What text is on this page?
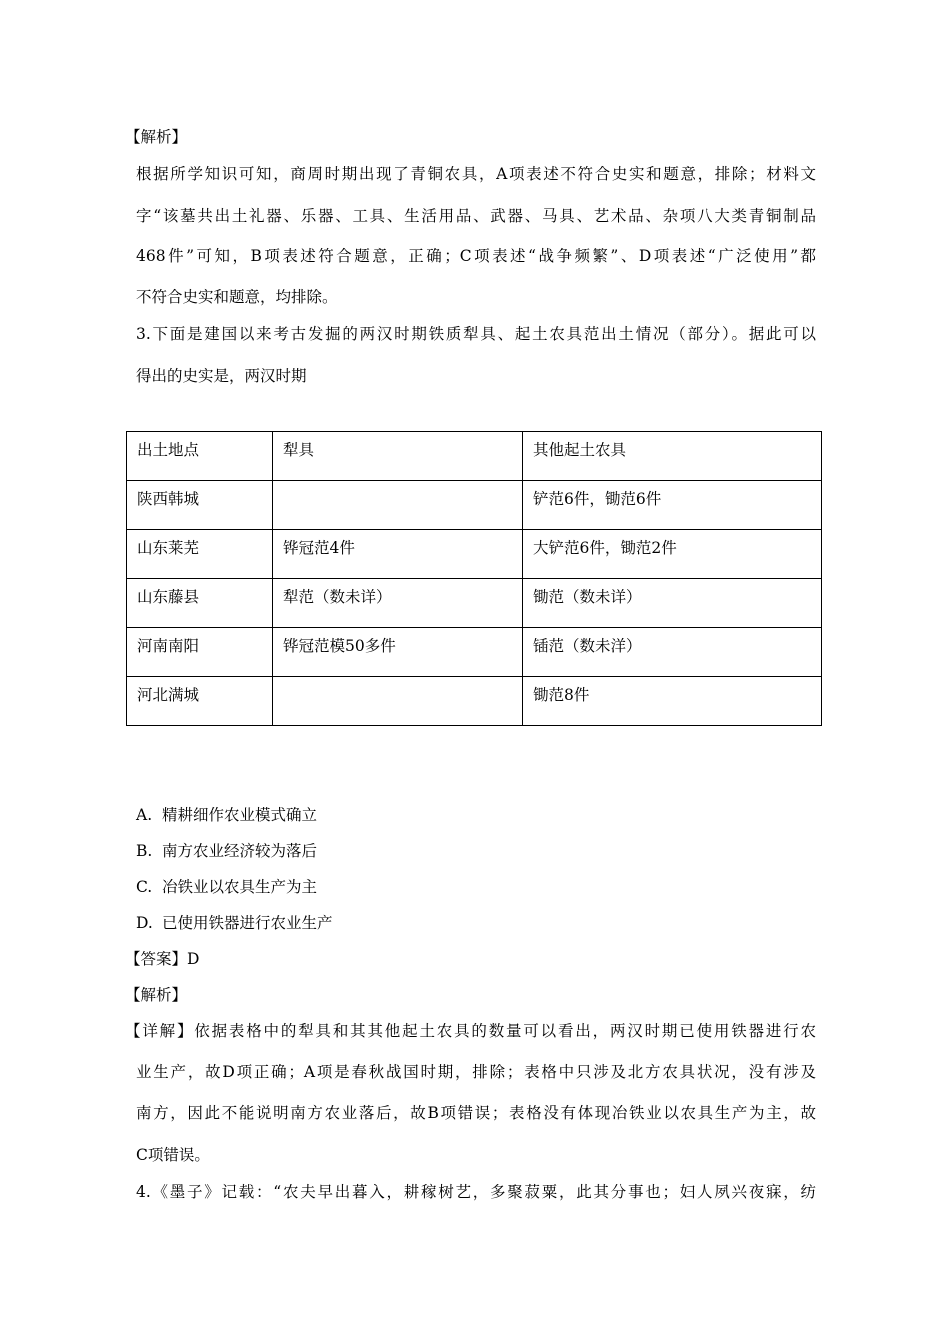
【解析】
根据所学知识可知，商周时期出现了青铜农具，A项表述不符合史实和题意，排除；材料文
字“该墓共出土礼器、乐器、工具、生活用品、武器、马具、艺术品、杂项八大类青铜制品
468件”可知，B项表述符合题意，正确；C项表述“战争频繁”、D项表述“广泛使用”都
不符合史实和题意，均排除。
3.下面是建国以来考古发掘的两汉时期铁质犁具、起土农具范出土情况（部分）。据此可以
得出的史实是，两汉时期
出土地点	犁具	其他起土农具
陕西韩城		铲范6件，锄范6件
山东莱芜	铧冠范4件	大铲范6件，锄范2件
山东藤县	犁范（数未详）	锄范（数未详）
河南南阳	铧冠范模50多件	锸范（数未洋）
河北满城		锄范8件
A. 精耕细作农业模式确立
B. 南方农业经济较为落后
C. 冶铁业以农具生产为主
D. 已使用铁器进行农业生产
【答案】D
【解析】
【详解】依据表格中的犁具和其其他起土农具的数量可以看出，两汉时期已使用铁器进行农
业生产，故D项正确；A项是春秋战国时期，排除；表格中只涉及北方农具状况，没有涉及
南方，因此不能说明南方农业落后，故B项错误；表格没有体现冶铁业以农具生产为主，故
C项错误。
4.《墨子》记载：“农夫早出暮入，耕稼树艺，多聚菽粟，此其分事也；妇人夙兴夜寐，纺
